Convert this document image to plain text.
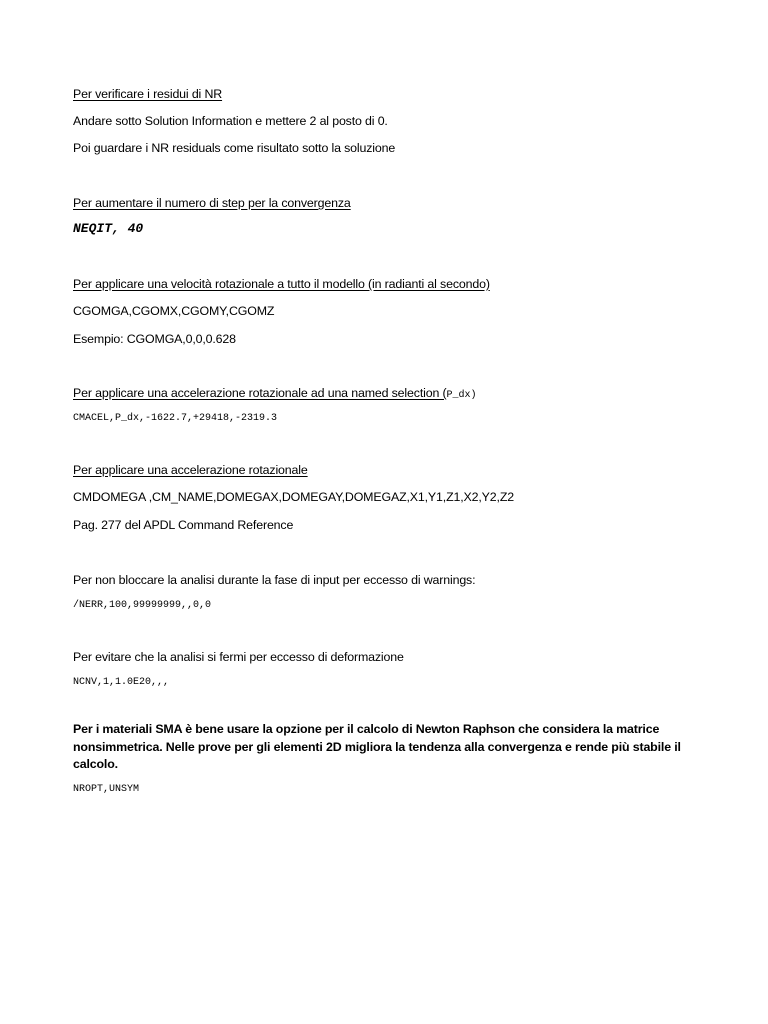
Per verificare i residui di NR
Andare sotto Solution Information e mettere 2 al posto di 0.
Poi guardare i NR residuals come risultato sotto la soluzione
Per aumentare il numero di step per la convergenza
NEQIT, 40
Per applicare una velocità rotazionale a tutto il modello (in radianti al secondo)
CGOMGA,CGOMX,CGOMY,CGOMZ
Esempio: CGOMGA,0,0,0.628
Per applicare una accelerazione rotazionale ad una named selection (P_dx)
CMACEL,P_dx,-1622.7,+29418,-2319.3
Per applicare una accelerazione rotazionale
CMDOMEGA ,CM_NAME,DOMEGAX,DOMEGAY,DOMEGAZ,X1,Y1,Z1,X2,Y2,Z2
Pag. 277 del APDL Command Reference
Per non bloccare la analisi durante la fase di input per eccesso di warnings:
/NERR,100,99999999,,0,0
Per evitare che la analisi si fermi per eccesso di deformazione
NCNV,1,1.0E20,,,
Per i materiali SMA è bene usare la opzione per il calcolo di Newton Raphson che considera la matrice nonsimmetrica. Nelle prove per gli elementi 2D migliora la tendenza alla convergenza e rende più stabile il calcolo.
NROPT,UNSYM
